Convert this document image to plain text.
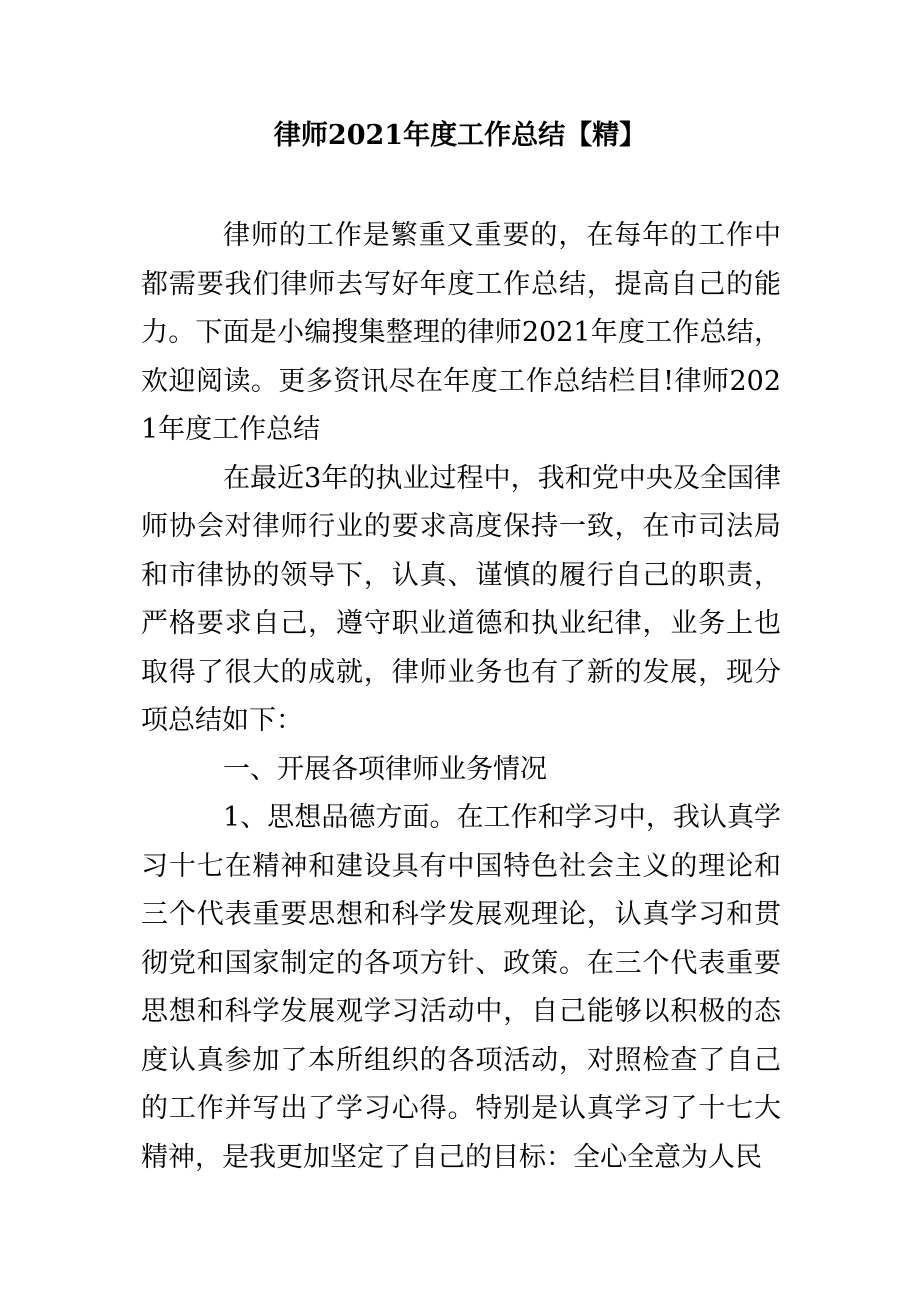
律师2021年度工作总结【精】

律师的工作是繁重又重要的，在每年的工作中都需要我们律师去写好年度工作总结，提高自己的能力。下面是小编搜集整理的律师2021年度工作总结，欢迎阅读。更多资讯尽在年度工作总结栏目!律师2021年度工作总结

在最近3年的执业过程中，我和党中央及全国律师协会对律师行业的要求高度保持一致，在市司法局和市律协的领导下，认真、谨慎的履行自己的职责，严格要求自己，遵守职业道德和执业纪律，业务上也取得了很大的成就，律师业务也有了新的发展，现分项总结如下：

一、开展各项律师业务情况

1、思想品德方面。在工作和学习中，我认真学习十七在精神和建设具有中国特色社会主义的理论和三个代表重要思想和科学发展观理论，认真学习和贯彻党和国家制定的各项方针、政策。在三个代表重要思想和科学发展观学习活动中，自己能够以积极的态度认真参加了本所组织的各项活动，对照检查了自己的工作并写出了学习心得。特别是认真学习了十七大精神，是我更加坚定了自己的目标：全心全意为人民
